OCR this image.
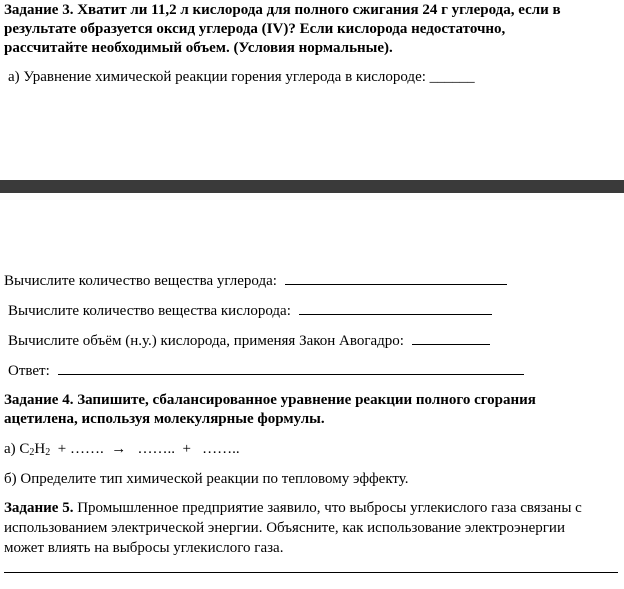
Задание 3. Хватит ли 11,2 л кислорода для полного сжигания 24 г углерода, если в
результате образуется оксид углерода (IV)? Если кислорода недостаточно,
рассчитайте необходимый объем. (Условия нормальные).
а) Уравнение химической реакции горения углерода в кислороде: ______
Вычислите количество вещества углерода:
Вычислите количество вещества кислорода:
Вычислите объём (н.у.) кислорода, применяя Закон Авогадро:
Ответ:
Задание 4. Запишите, сбалансированное уравнение реакции полного сгорания
ацетилена, используя молекулярные формулы.
а) $C_2H_2$  + …….  →   ……..  +   ……..
б) Определите тип химической реакции по тепловому эффекту.
Задание 5. Промышленное предприятие заявило, что выбросы углекислого газа связаны с
использованием электрической энергии. Объясните, как использование электроэнергии
может влиять на выбросы углекислого газа.
